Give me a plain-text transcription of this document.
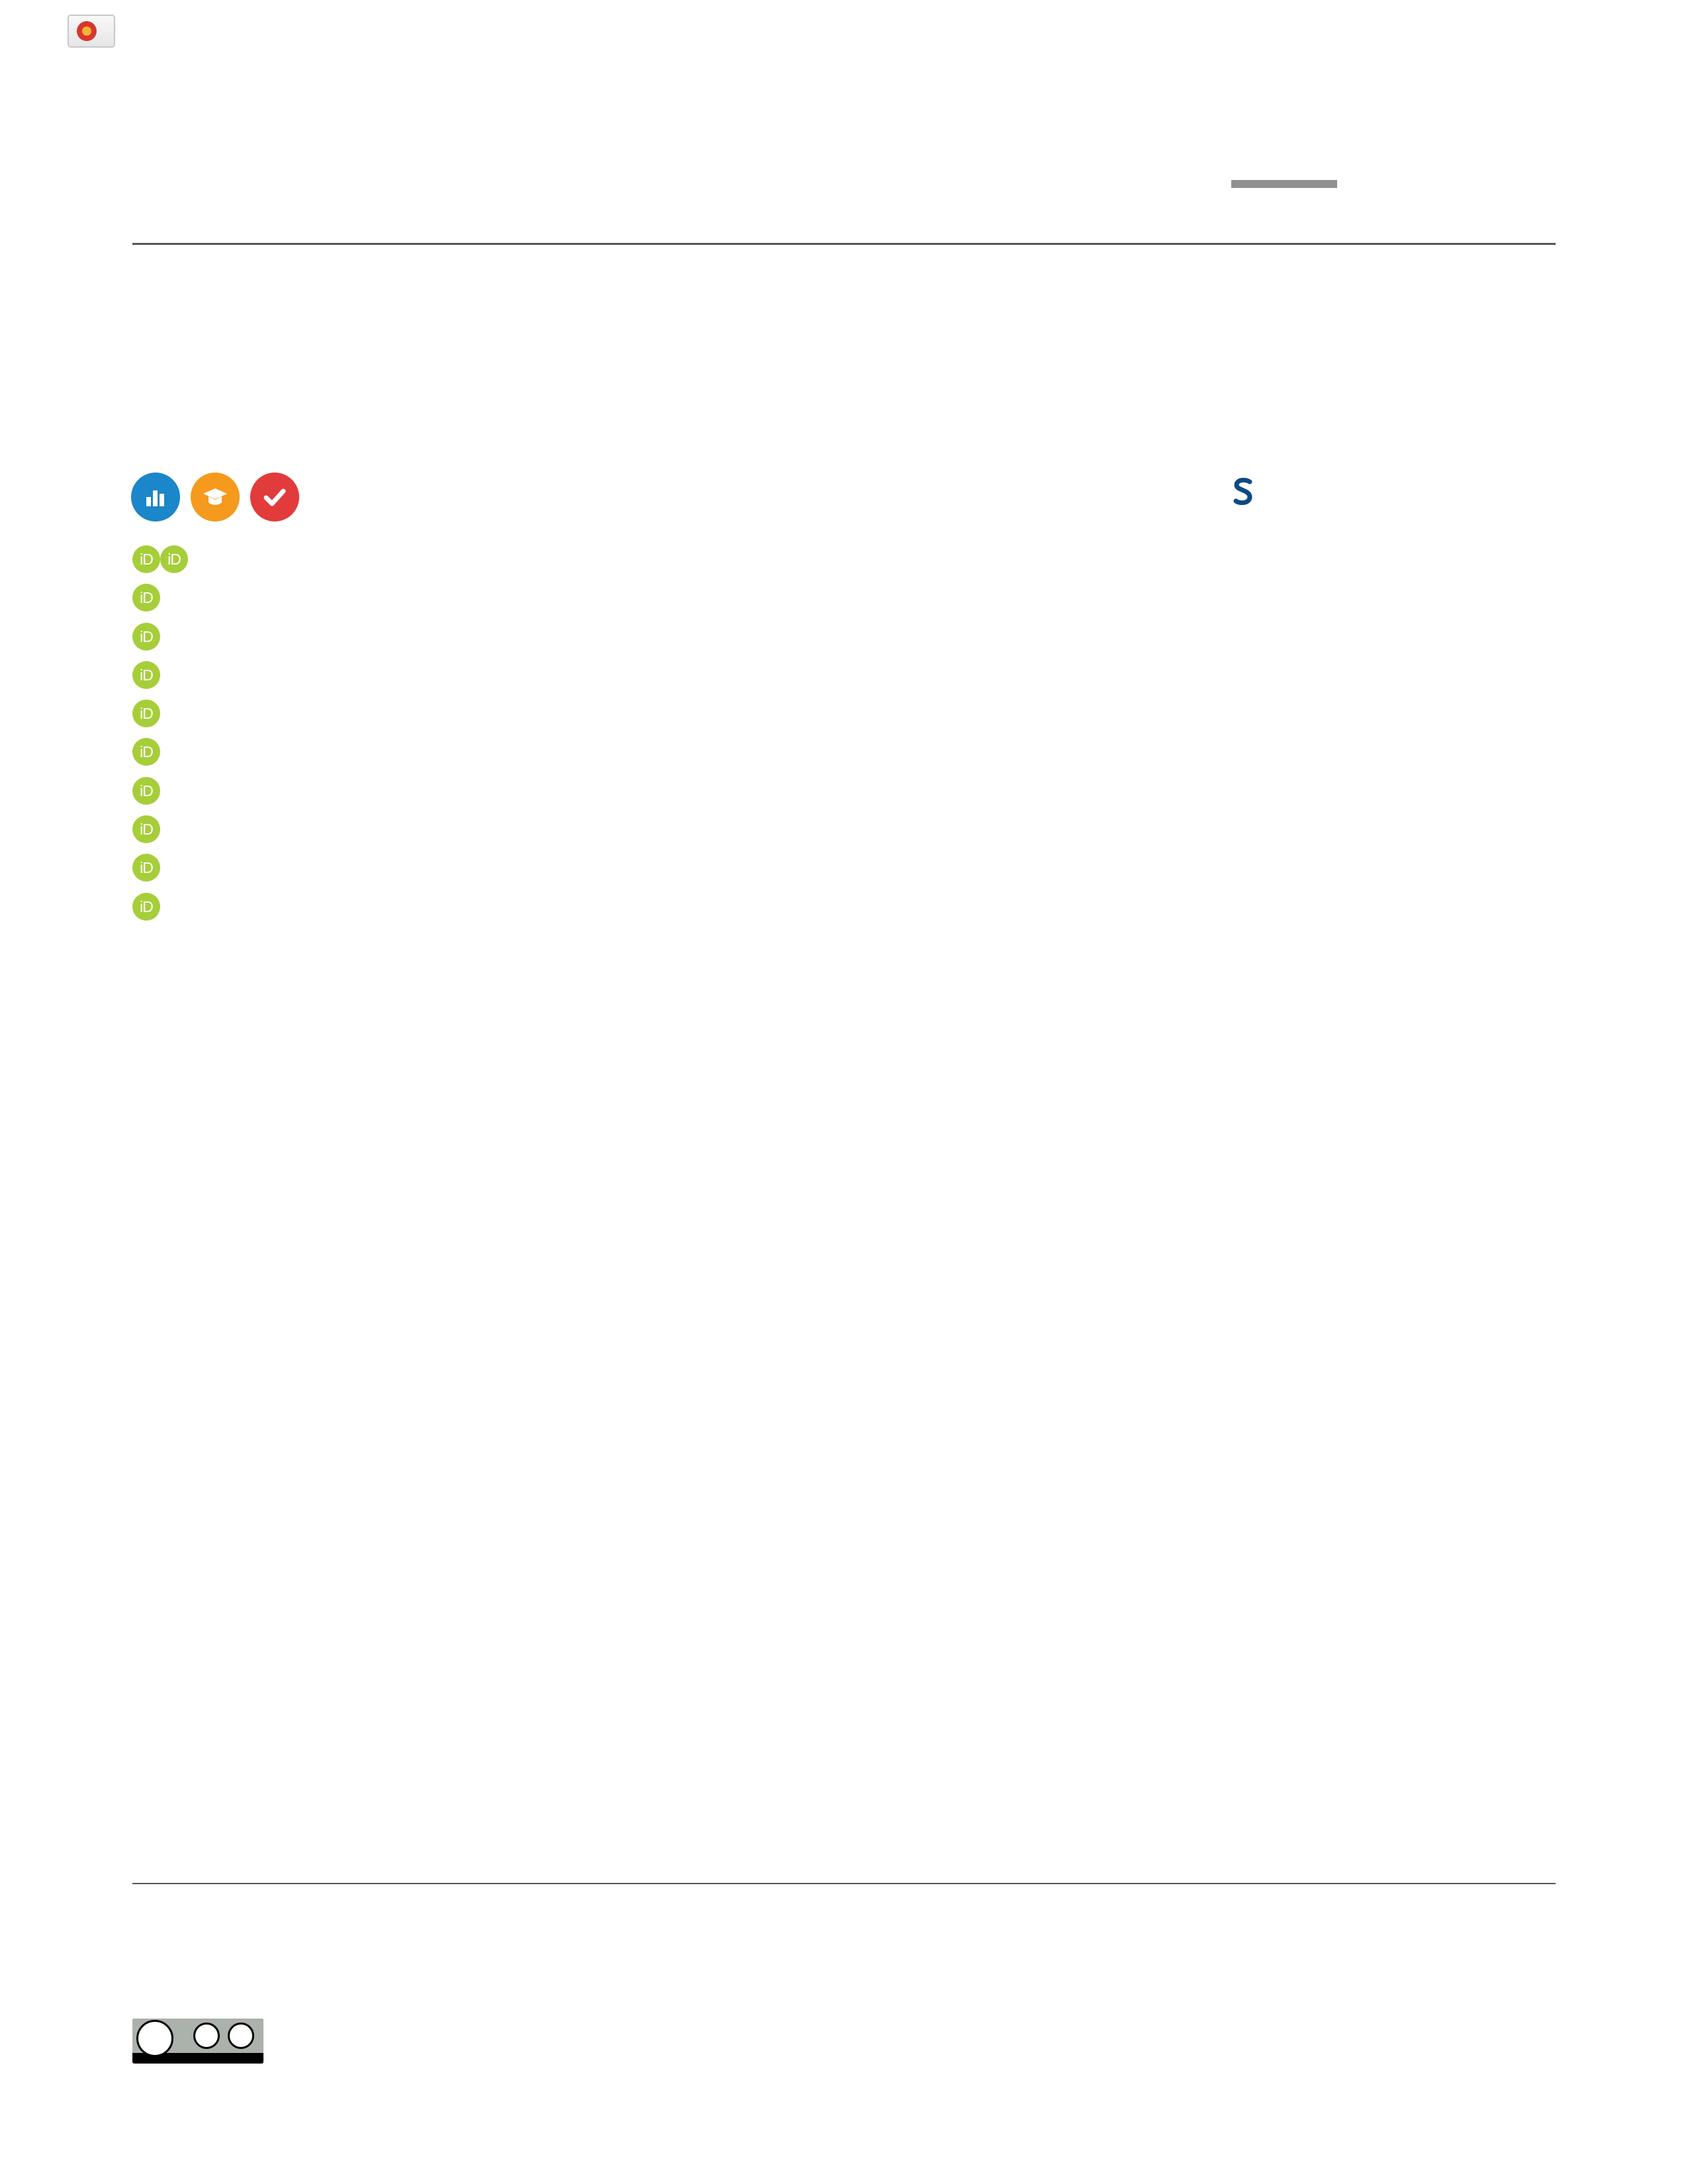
iD iD
iD
iD
iD
iD
iD
iD
iD
iD
iD
